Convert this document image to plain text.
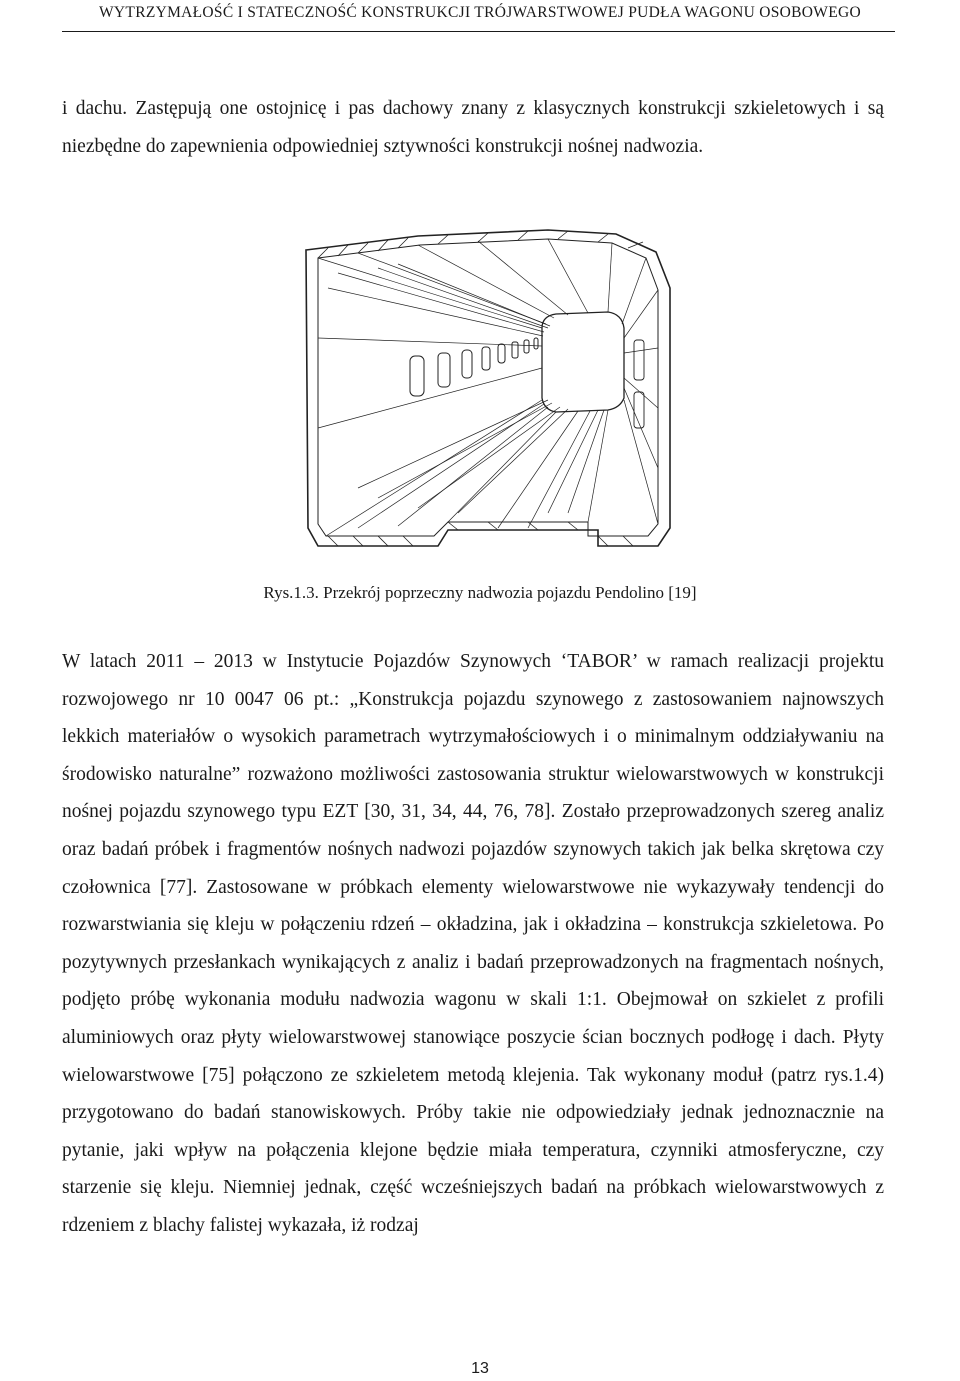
WYTRZYMAŁOŚĆ I STATECZNOŚĆ KONSTRUKCJI TRÓJWARSTWOWEJ PUDŁA WAGONU OSOBOWEGO

i dachu. Zastępują one ostojnicę i pas dachowy znany z klasycznych konstrukcji szkieletowych i są niezbędne do zapewnienia odpowiedniej sztywności konstrukcji nośnej nadwozia.

Rys.1.3. Przekrój poprzeczny nadwozia pojazdu Pendolino [19]

W latach 2011 – 2013 w Instytucie Pojazdów Szynowych ‘TABOR’ w ramach realizacji projektu rozwojowego nr 10 0047 06 pt.: „Konstrukcja pojazdu szynowego z zastosowaniem najnowszych lekkich materiałów o wysokich parametrach wytrzymałościowych i o minimalnym oddziaływaniu na środowisko naturalne” rozważono możliwości zastosowania struktur wielowarstwowych w konstrukcji nośnej pojazdu szynowego typu EZT [30, 31, 34, 44, 76, 78]. Zostało przeprowadzonych szereg analiz oraz badań próbek i fragmentów nośnych nadwozi pojazdów szynowych takich jak belka skrętowa czy czołownica [77]. Zastosowane w próbkach elementy wielowarstwowe nie wykazywały tendencji do rozwarstwiania się kleju w połączeniu rdzeń – okładzina, jak i okładzina – konstrukcja szkieletowa. Po pozytywnych przesłankach wynikających z analiz i badań przeprowadzonych na fragmentach nośnych, podjęto próbę wykonania modułu nadwozia wagonu w skali 1:1. Obejmował on szkielet z profili aluminiowych oraz płyty wielowarstwowej stanowiące poszycie ścian bocznych podłogę i dach. Płyty wielowarstwowe [75] połączono ze szkieletem metodą klejenia. Tak wykonany moduł (patrz rys.1.4) przygotowano do badań stanowiskowych. Próby takie nie odpowiedziały jednak jednoznacznie na pytanie, jaki wpływ na połączenia klejone będzie miała temperatura, czynniki atmosferyczne, czy starzenie się kleju. Niemniej jednak, część wcześniejszych badań na próbkach wielowarstwowych z rdzeniem z blachy falistej wykazała, iż rodzaj

13
